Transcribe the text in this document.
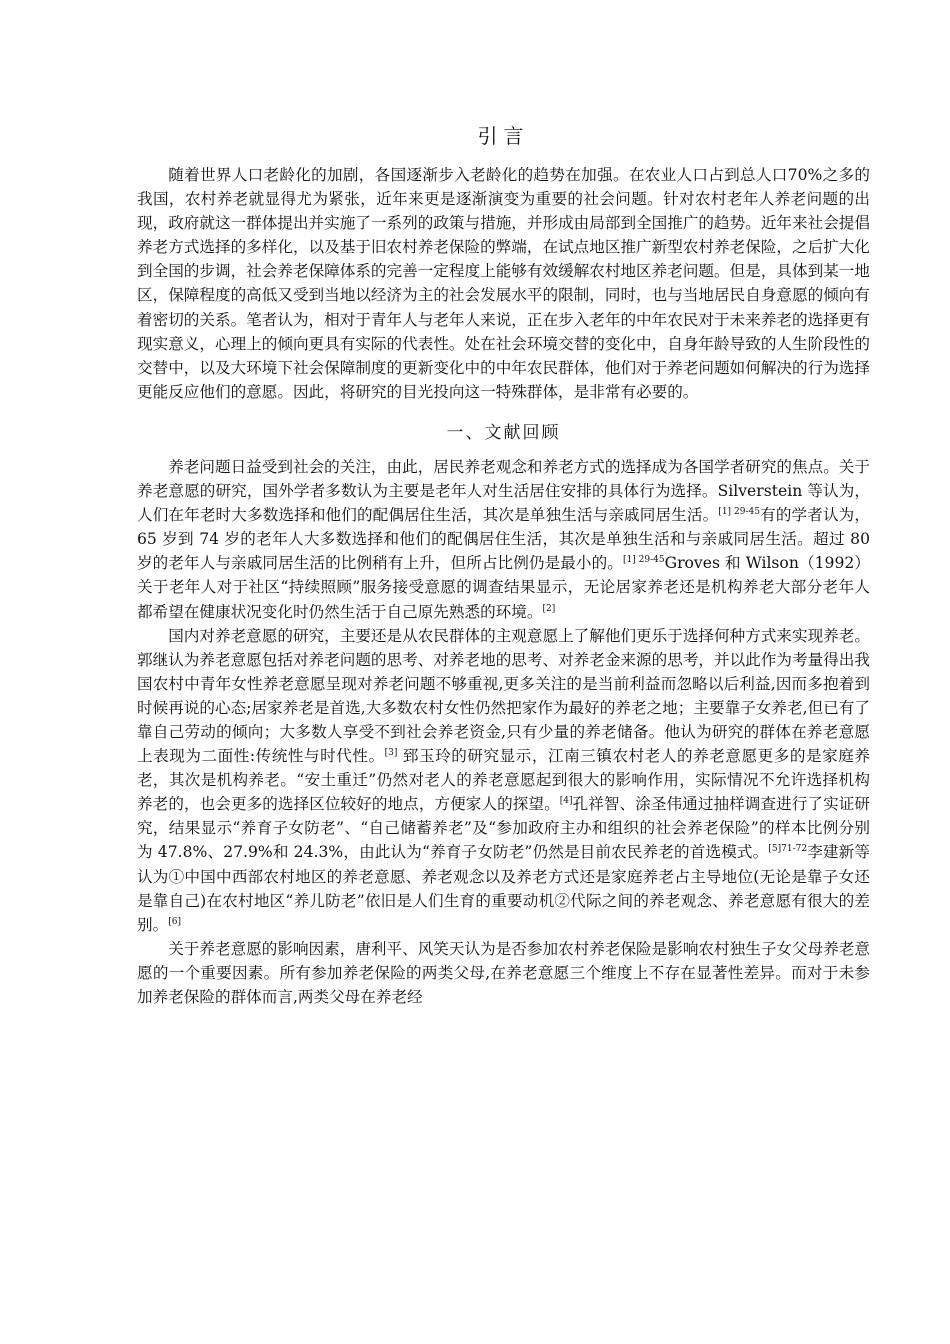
引言

随着世界人口老龄化的加剧，各国逐渐步入老龄化的趋势在加强。在农业人口占到总人口70%之多的我国，农村养老就显得尤为紧张，近年来更是逐渐演变为重要的社会问题。针对农村老年人养老问题的出现，政府就这一群体提出并实施了一系列的政策与措施，并形成由局部到全国推广的趋势。近年来社会提倡养老方式选择的多样化，以及基于旧农村养老保险的弊端，在试点地区推广新型农村养老保险，之后扩大化到全国的步调，社会养老保障体系的完善一定程度上能够有效缓解农村地区养老问题。但是，具体到某一地区，保障程度的高低又受到当地以经济为主的社会发展水平的限制，同时，也与当地居民自身意愿的倾向有着密切的关系。笔者认为，相对于青年人与老年人来说，正在步入老年的中年农民对于未来养老的选择更有现实意义，心理上的倾向更具有实际的代表性。处在社会环境交替的变化中，自身年龄导致的人生阶段性的交替中，以及大环境下社会保障制度的更新变化中的中年农民群体，他们对于养老问题如何解决的行为选择更能反应他们的意愿。因此，将研究的目光投向这一特殊群体，是非常有必要的。

一、文献回顾

养老问题日益受到社会的关注，由此，居民养老观念和养老方式的选择成为各国学者研究的焦点。关于养老意愿的研究，国外学者多数认为主要是老年人对生活居住安排的具体行为选择。Silverstein 等认为，人们在年老时大多数选择和他们的配偶居住生活，其次是单独生活与亲戚同居生活。$^{[1] 29-45}$有的学者认为，65 岁到 74 岁的老年人大多数选择和他们的配偶居住生活，其次是单独生活和与亲戚同居生活。超过 80 岁的老年人与亲戚同居生活的比例稍有上升，但所占比例仍是最小的。$^{[1] 29-45}$Groves 和 Wilson（1992）关于老年人对于社区“持续照顾”服务接受意愿的调查结果显示，无论居家养老还是机构养老大部分老年人都希望在健康状况变化时仍然生活于自己原先熟悉的环境。[2]

国内对养老意愿的研究，主要还是从农民群体的主观意愿上了解他们更乐于选择何种方式来实现养老。郭继认为养老意愿包括对养老问题的思考、对养老地的思考、对养老金来源的思考，并以此作为考量得出我国农村中青年女性养老意愿呈现对养老问题不够重视,更多关注的是当前利益而忽略以后利益,因而多抱着到时候再说的心态;居家养老是首选,大多数农村女性仍然把家作为最好的养老之地；主要靠子女养老,但已有了靠自己劳动的倾向；大多数人享受不到社会养老资金,只有少量的养老储备。他认为研究的群体在养老意愿上表现为二面性:传统性与时代性。[3] 郅玉玲的研究显示，江南三镇农村老人的养老意愿更多的是家庭养老，其次是机构养老。“安土重迁”仍然对老人的养老意愿起到很大的影响作用，实际情况不允许选择机构养老的，也会更多的选择区位较好的地点，方便家人的探望。[4]孔祥智、涂圣伟通过抽样调查进行了实证研究，结果显示“养育子女防老”、“自己储蓄养老”及“参加政府主办和组织的社会养老保险”的样本比例分别为 47.8%、27.9%和 24.3%，由此认为“养育子女防老”仍然是目前农民养老的首选模式。$^{[5]71-72}$李建新等认为①中国中西部农村地区的养老意愿、养老观念以及养老方式还是家庭养老占主导地位(无论是靠子女还是靠自己)在农村地区“养儿防老”依旧是人们生育的重要动机②代际之间的养老观念、养老意愿有很大的差别。[6]

关于养老意愿的影响因素，唐利平、风笑天认为是否参加农村养老保险是影响农村独生子女父母养老意愿的一个重要因素。所有参加养老保险的两类父母,在养老意愿三个维度上不存在显著性差异。而对于未参加养老保险的群体而言,两类父母在养老经
